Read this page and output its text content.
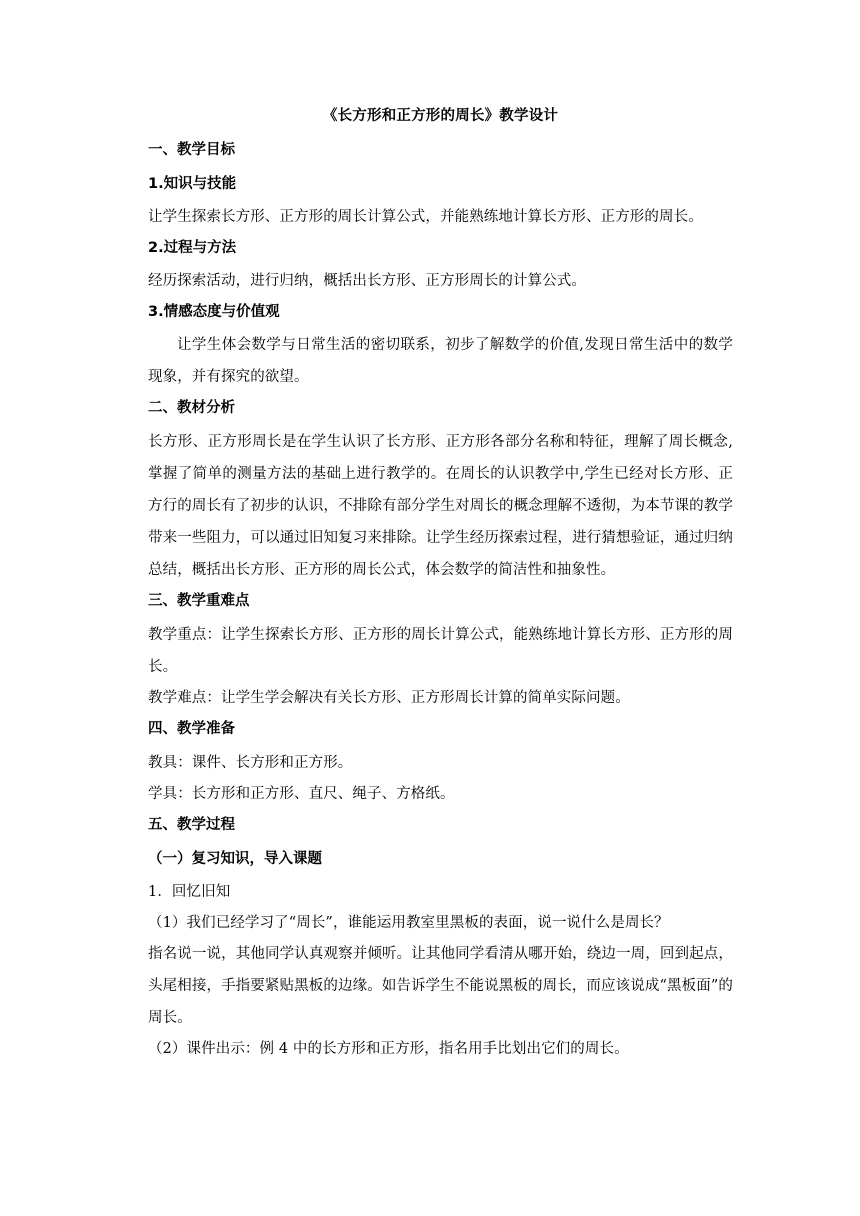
《长方形和正方形的周长》教学设计
一、教学目标
1.知识与技能
让学生探索长方形、正方形的周长计算公式，并能熟练地计算长方形、正方形的周长。
2.过程与方法
经历探索活动，进行归纳，概括出长方形、正方形周长的计算公式。
3.情感态度与价值观
让学生体会数学与日常生活的密切联系，初步了解数学的价值,发现日常生活中的数学现象，并有探究的欲望。
二、教材分析
长方形、正方形周长是在学生认识了长方形、正方形各部分名称和特征，理解了周长概念,掌握了简单的测量方法的基础上进行教学的。在周长的认识教学中,学生已经对长方形、正方行的周长有了初步的认识，不排除有部分学生对周长的概念理解不透彻，为本节课的教学带来一些阻力，可以通过旧知复习来排除。让学生经历探索过程，进行猜想验证，通过归纳总结，概括出长方形、正方形的周长公式，体会数学的简洁性和抽象性。
三、教学重难点
教学重点：让学生探索长方形、正方形的周长计算公式，能熟练地计算长方形、正方形的周长。
教学难点：让学生学会解决有关长方形、正方形周长计算的简单实际问题。
四、教学准备
教具：课件、长方形和正方形。
学具：长方形和正方形、直尺、绳子、方格纸。
五、教学过程
（一）复习知识，导入课题
1．回忆旧知
（1）我们已经学习了“周长”，谁能运用教室里黑板的表面，说一说什么是周长？
指名说一说，其他同学认真观察并倾听。让其他同学看清从哪开始，绕边一周，回到起点，头尾相接，手指要紧贴黑板的边缘。如告诉学生不能说黑板的周长，而应该说成“黑板面”的周长。
（2）课件出示：例 4 中的长方形和正方形，指名用手比划出它们的周长。
